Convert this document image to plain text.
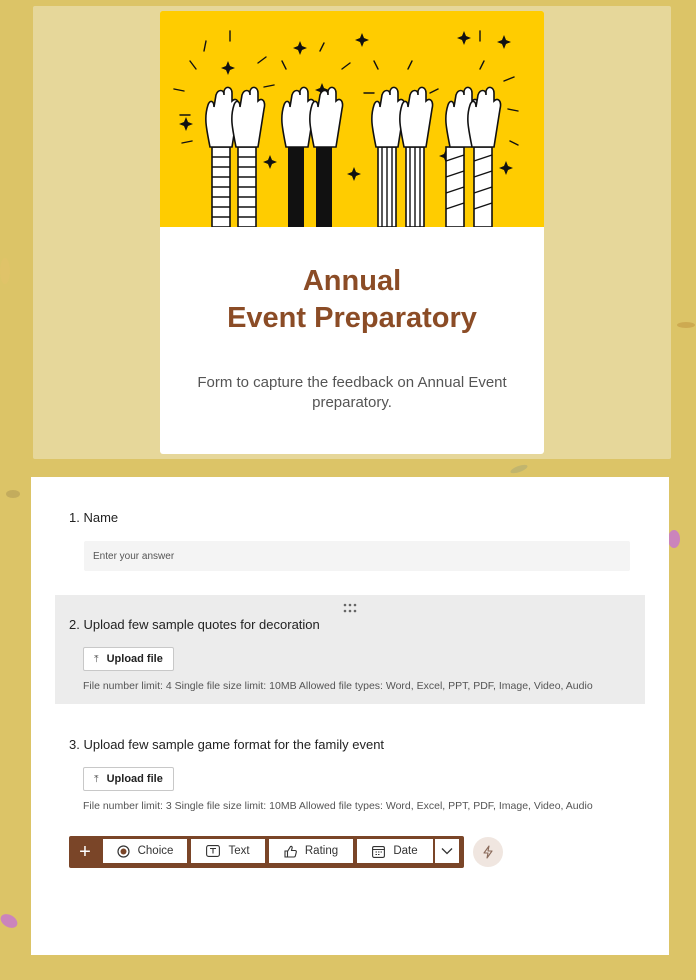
Annual
Event Preparatory
Form to capture the feedback on Annual Event preparatory.
1. Name
Enter your answer
2. Upload few sample quotes for decoration
⤒ Upload file
File number limit: 4 Single file size limit: 10MB Allowed file types: Word, Excel, PPT, PDF, Image, Video, Audio
3. Upload few sample game format for the family event
⤒ Upload file
File number limit: 3 Single file size limit: 10MB Allowed file types: Word, Excel, PPT, PDF, Image, Video, Audio
+	Choice	Text	Rating	Date
